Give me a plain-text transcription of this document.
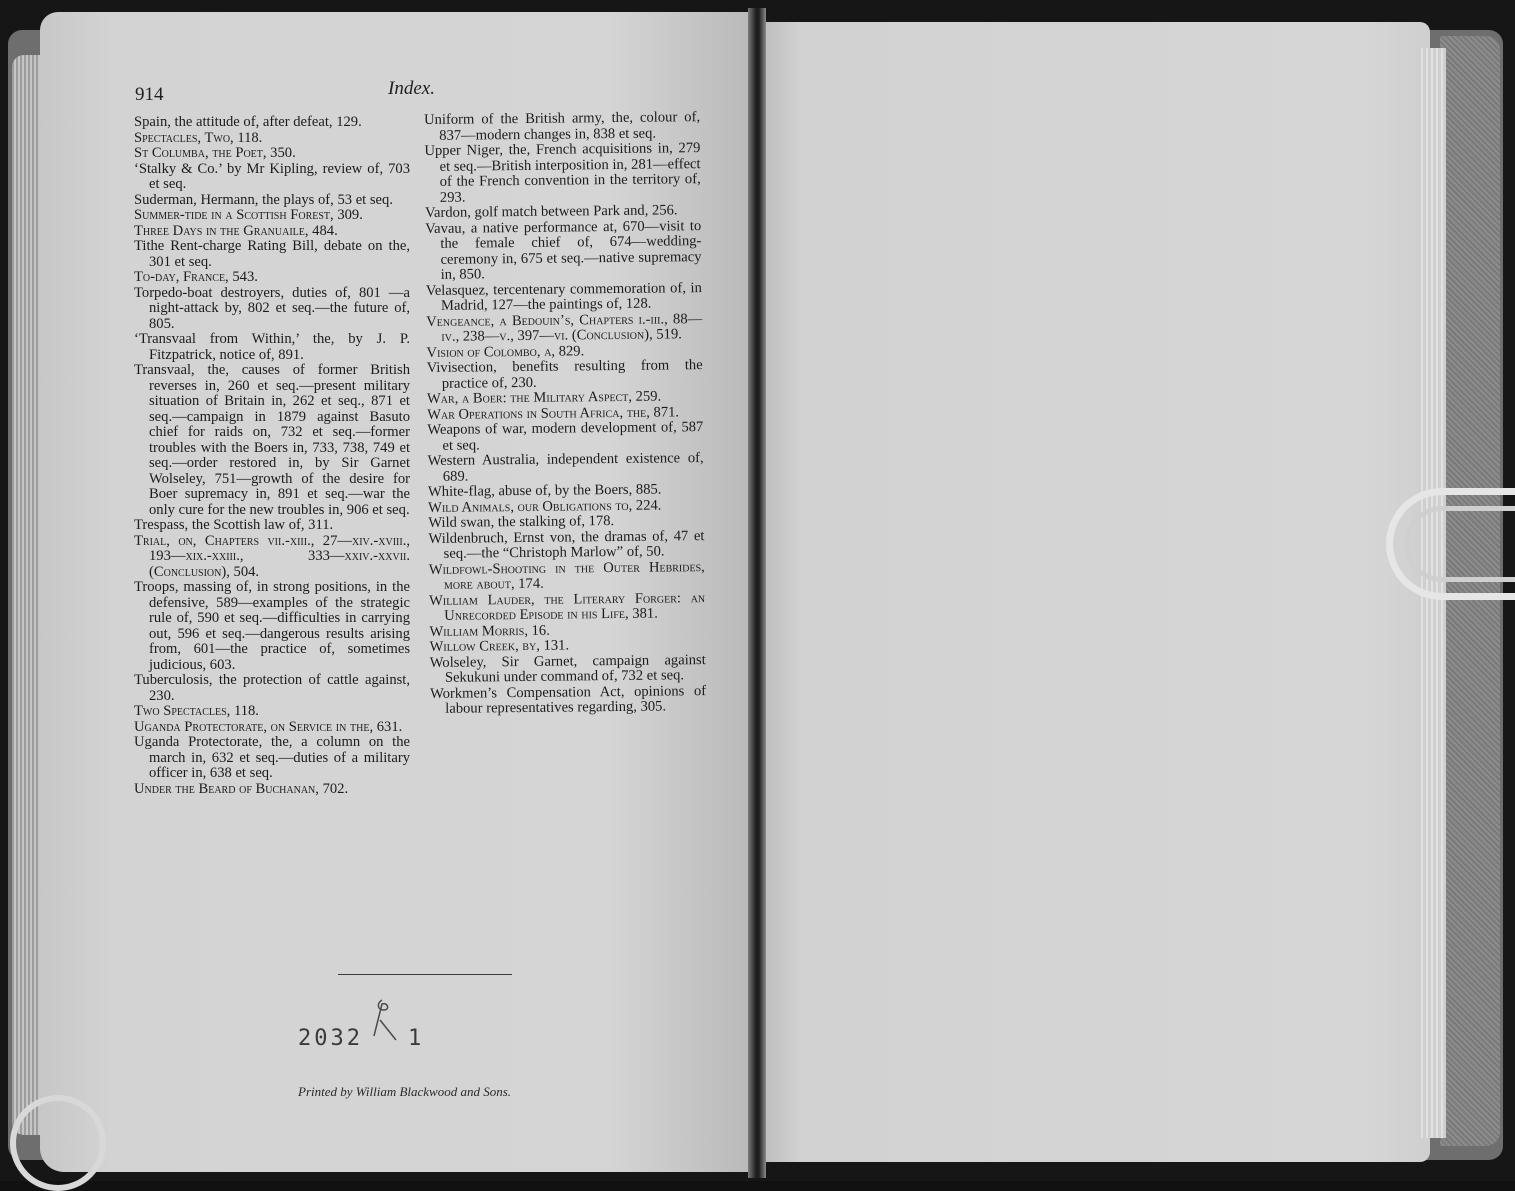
914	Index.

Spain, the attitude of, after defeat, 129.

Spectacles, Two, 118.

St Columba, the Poet, 350.

‘Stalky & Co.’ by Mr Kipling, review of, 703 et seq.

Suderman, Hermann, the plays of, 53 et seq.

Summer-tide in a Scottish Forest, 309.

Three Days in the Granuaile, 484.

Tithe Rent-charge Rating Bill, debate on the, 301 et seq.

To-day, France, 543.

Torpedo-boat destroyers, duties of, 801 —a night-attack by, 802 et seq.—the future of, 805.

‘Transvaal from Within,’ the, by J. P. Fitzpatrick, notice of, 891.

Transvaal, the, causes of former British reverses in, 260 et seq.—present military situation of Britain in, 262 et seq., 871 et seq.—campaign in 1879 against Basuto chief for raids on, 732 et seq.—former troubles with the Boers in, 733, 738, 749 et seq.—order restored in, by Sir Garnet Wolseley, 751—growth of the desire for Boer supremacy in, 891 et seq.—war the only cure for the new troubles in, 906 et seq.

Trespass, the Scottish law of, 311.

Trial, on, Chapters vii.-xiii., 27—xiv.-xviii., 193—xix.-xxiii., 333—xxiv.-xxvii. (Conclusion), 504.

Troops, massing of, in strong positions, in the defensive, 589—examples of the strategic rule of, 590 et seq.—difficulties in carrying out, 596 et seq.—dangerous results arising from, 601—the practice of, sometimes judicious, 603.

Tuberculosis, the protection of cattle against, 230.

Two Spectacles, 118.

Uganda Protectorate, on Service in the, 631.

Uganda Protectorate, the, a column on the march in, 632 et seq.—duties of a military officer in, 638 et seq.

Under the Beard of Buchanan, 702.

Uniform of the British army, the, colour of, 837—modern changes in, 838 et seq.

Upper Niger, the, French acquisitions in, 279 et seq.—British interposition in, 281—effect of the French convention in the territory of, 293.

Vardon, golf match between Park and, 256.

Vavau, a native performance at, 670—visit to the female chief of, 674—wedding-ceremony in, 675 et seq.—native supremacy in, 850.

Velasquez, tercentenary commemoration of, in Madrid, 127—the paintings of, 128.

Vengeance, a Bedouin’s, Chapters i.-iii., 88—iv., 238—v., 397—vi. (Conclusion), 519.

Vision of Colombo, a, 829.

Vivisection, benefits resulting from the practice of, 230.

War, a Boer: the Military Aspect, 259.

War Operations in South Africa, the, 871.

Weapons of war, modern development of, 587 et seq.

Western Australia, independent existence of, 689.

White-flag, abuse of, by the Boers, 885.

Wild Animals, our Obligations to, 224.

Wild swan, the stalking of, 178.

Wildenbruch, Ernst von, the dramas of, 47 et seq.—the “Christoph Marlow” of, 50.

Wildfowl-Shooting in the Outer Hebrides, more about, 174.

William Lauder, the Literary Forger: an Unrecorded Episode in his Life, 381.

William Morris, 16.

Willow Creek, by, 131.

Wolseley, Sir Garnet, campaign against Sekukuni under command of, 732 et seq.

Workmen’s Compensation Act, opinions of labour representatives regarding, 305.

2032 1
Printed by William Blackwood and Sons.
